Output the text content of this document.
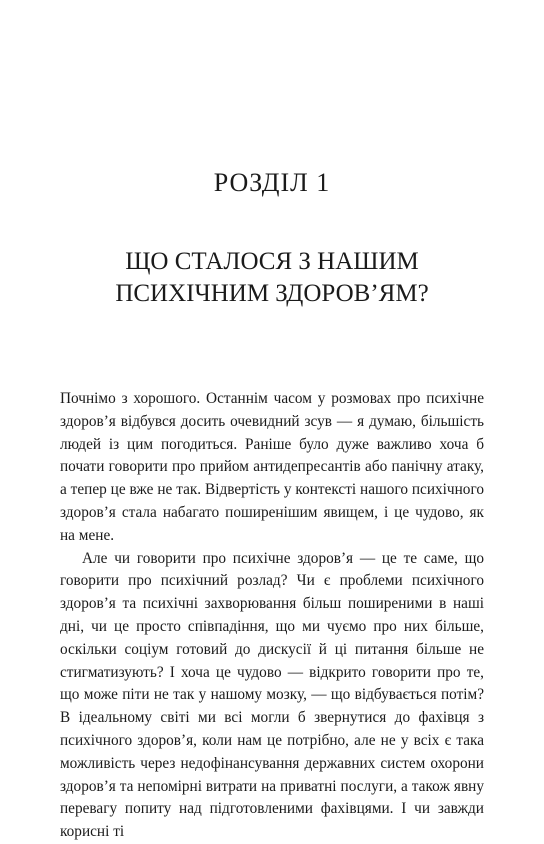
РОЗДІЛ 1
ЩО СТАЛОСЯ З НАШИМ
ПСИХІЧНИМ ЗДОРОВ’ЯМ?

Почнімо з хорошого. Останнім часом у розмовах про психічне здоров’я відбувся досить очевидний зсув — я думаю, більшість людей із цим погодиться. Раніше було дуже важливо хоча б почати говорити про прийом антидепресантів або панічну атаку, а тепер це вже не так. Відвертість у контексті нашого психічного здоров’я стала набагато поширенішим явищем, і це чудово, як на мене.

Але чи говорити про психічне здоров’я — це те саме, що говорити про психічний розлад? Чи є проблеми психічного здоров’я та психічні захворювання більш поширеними в наші дні, чи це просто співпадіння, що ми чуємо про них більше, оскільки соціум готовий до дискусії й ці питання більше не стигматизують? І хоча це чудово — відкрито говорити про те, що може піти не так у нашому мозку, — що відбувається потім? В ідеальному світі ми всі могли б звернутися до фахівця з психічного здоров’я, коли нам це потрібно, але не у всіх є така можливість через недофінансування державних систем охорони здоров’я та непомірні витрати на приватні послуги, а також явну перевагу попиту над підготовленими фахівцями. І чи завжди корисні ті
